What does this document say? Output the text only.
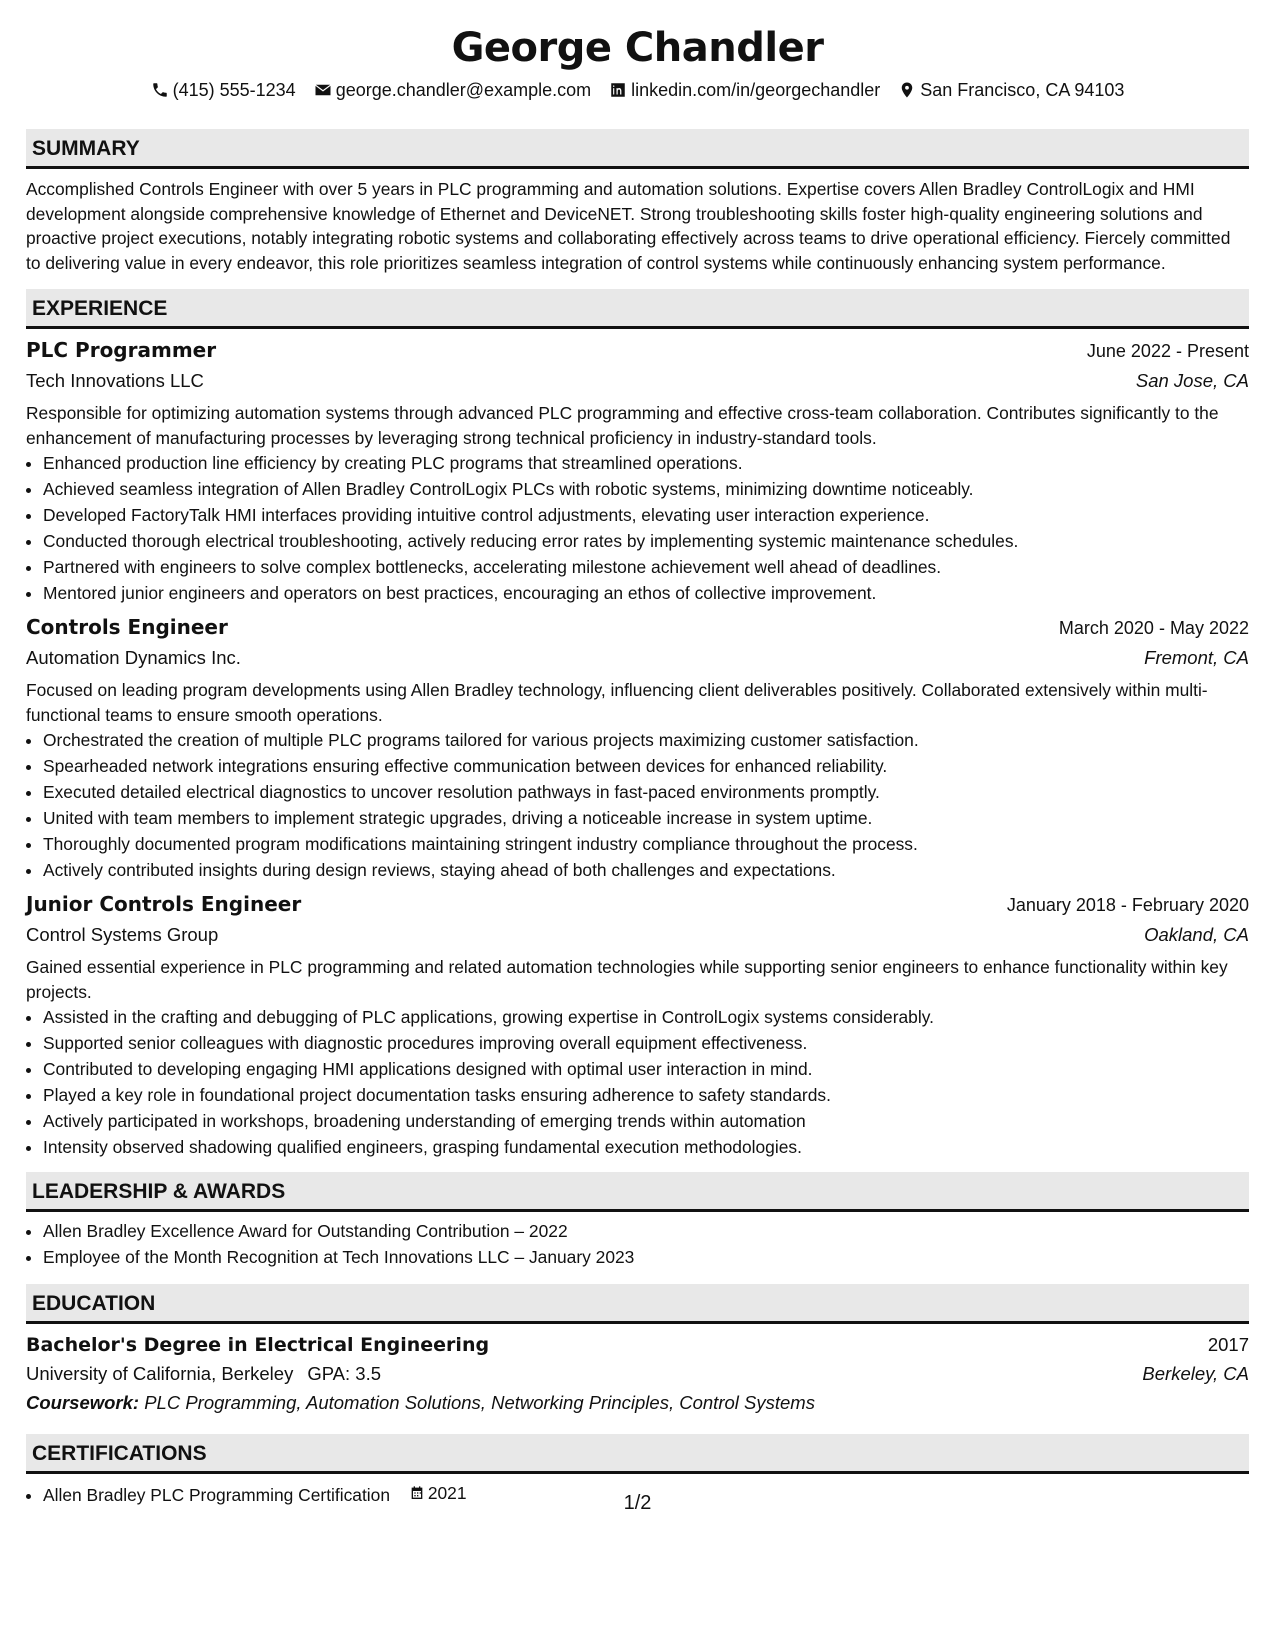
George Chandler
(415) 555-1234 george.chandler@example.com linkedin.com/in/georgechandler San Francisco, CA 94103
SUMMARY

Accomplished Controls Engineer with over 5 years in PLC programming and automation solutions. Expertise covers Allen Bradley ControlLogix and HMI development alongside comprehensive knowledge of Ethernet and DeviceNET. Strong troubleshooting skills foster high-quality engineering solutions and proactive project executions, notably integrating robotic systems and collaborating effectively across teams to drive operational efficiency. Fiercely committed to delivering value in every endeavor, this role prioritizes seamless integration of control systems while continuously enhancing system performance.

EXPERIENCE
PLC Programmer	June 2022 - Present
Tech Innovations LLC	San Jose, CA

Responsible for optimizing automation systems through advanced PLC programming and effective cross-team collaboration. Contributes significantly to the enhancement of manufacturing processes by leveraging strong technical proficiency in industry-standard tools.

• Enhanced production line efficiency by creating PLC programs that streamlined operations.
• Achieved seamless integration of Allen Bradley ControlLogix PLCs with robotic systems, minimizing downtime noticeably.
• Developed FactoryTalk HMI interfaces providing intuitive control adjustments, elevating user interaction experience.
• Conducted thorough electrical troubleshooting, actively reducing error rates by implementing systemic maintenance schedules.
• Partnered with engineers to solve complex bottlenecks, accelerating milestone achievement well ahead of deadlines.
• Mentored junior engineers and operators on best practices, encouraging an ethos of collective improvement.
Controls Engineer	March 2020 - May 2022
Automation Dynamics Inc.	Fremont, CA

Focused on leading program developments using Allen Bradley technology, influencing client deliverables positively. Collaborated extensively within multi-functional teams to ensure smooth operations.

• Orchestrated the creation of multiple PLC programs tailored for various projects maximizing customer satisfaction.
• Spearheaded network integrations ensuring effective communication between devices for enhanced reliability.
• Executed detailed electrical diagnostics to uncover resolution pathways in fast-paced environments promptly.
• United with team members to implement strategic upgrades, driving a noticeable increase in system uptime.
• Thoroughly documented program modifications maintaining stringent industry compliance throughout the process.
• Actively contributed insights during design reviews, staying ahead of both challenges and expectations.
Junior Controls Engineer	January 2018 - February 2020
Control Systems Group	Oakland, CA

Gained essential experience in PLC programming and related automation technologies while supporting senior engineers to enhance functionality within key projects.

• Assisted in the crafting and debugging of PLC applications, growing expertise in ControlLogix systems considerably.
• Supported senior colleagues with diagnostic procedures improving overall equipment effectiveness.
• Contributed to developing engaging HMI applications designed with optimal user interaction in mind.
• Played a key role in foundational project documentation tasks ensuring adherence to safety standards.
• Actively participated in workshops, broadening understanding of emerging trends within automation
• Intensity observed shadowing qualified engineers, grasping fundamental execution methodologies.
LEADERSHIP & AWARDS
• Allen Bradley Excellence Award for Outstanding Contribution – 2022
• Employee of the Month Recognition at Tech Innovations LLC – January 2023
EDUCATION
Bachelor's Degree in Electrical Engineering	2017
University of California, Berkeley GPA: 3.5	Berkeley, CA
Coursework: PLC Programming, Automation Solutions, Networking Principles, Control Systems
CERTIFICATIONS
• Allen Bradley PLC Programming Certification 2021	1/2
